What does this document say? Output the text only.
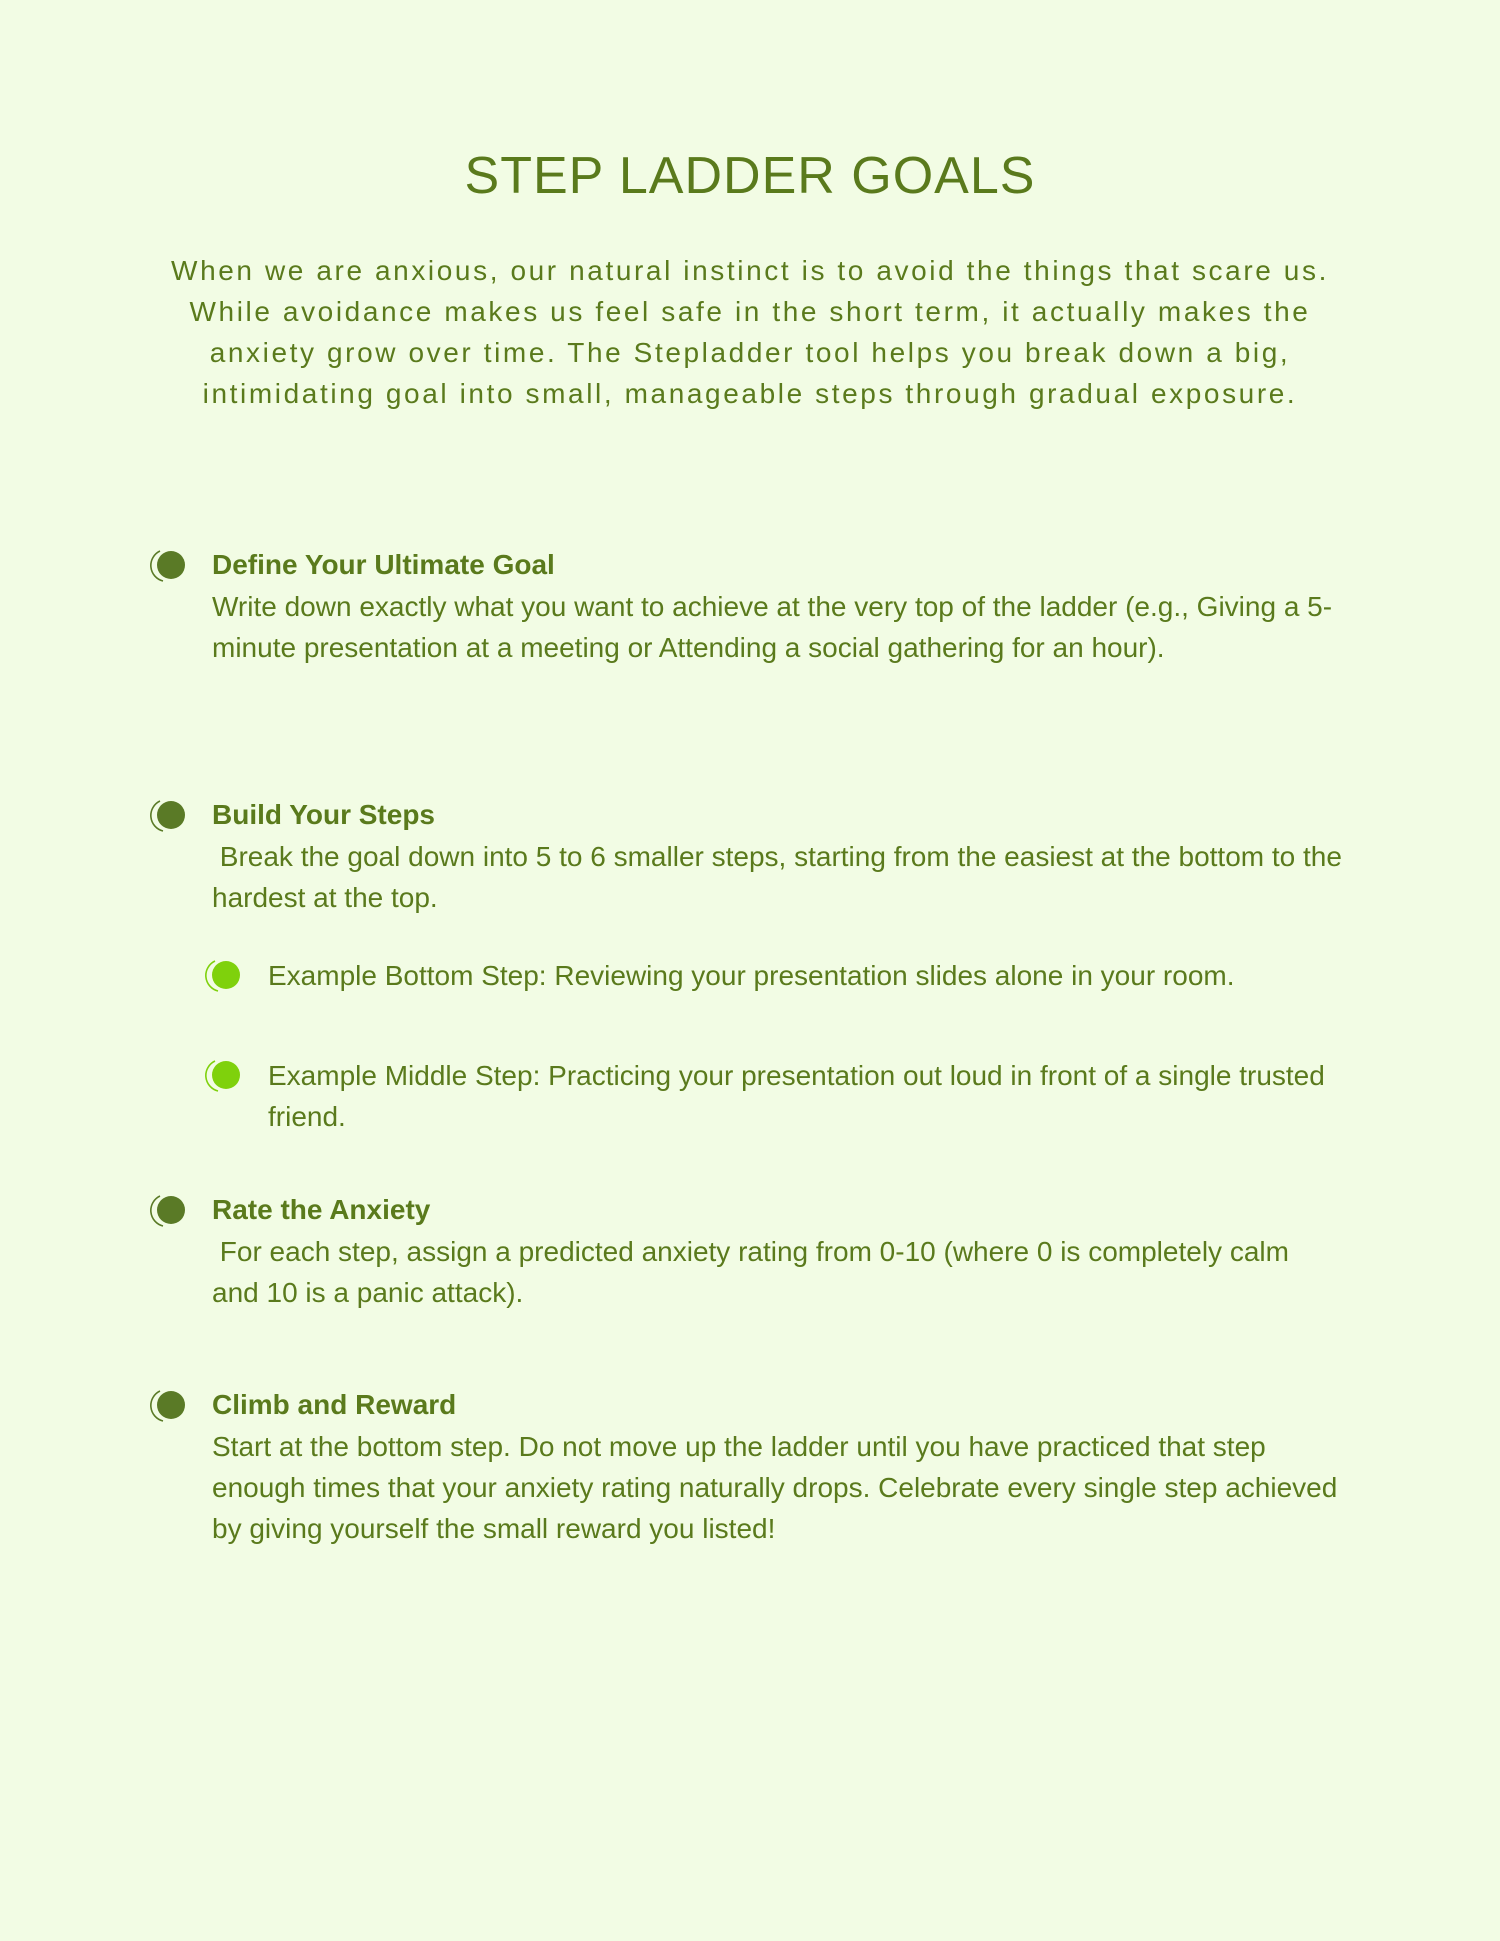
STEP LADDER GOALS

When we are anxious, our natural instinct is to avoid the things that scare us. While avoidance makes us feel safe in the short term, it actually makes the anxiety grow over time. The Stepladder tool helps you break down a big, intimidating goal into small, manageable steps through gradual exposure.

Define Your Ultimate Goal

Write down exactly what you want to achieve at the very top of the ladder (e.g., Giving a 5-minute presentation at a meeting or Attending a social gathering for an hour).

Build Your Steps

Break the goal down into 5 to 6 smaller steps, starting from the easiest at the bottom to the hardest at the top.

Example Bottom Step: Reviewing your presentation slides alone in your room.

Example Middle Step: Practicing your presentation out loud in front of a single trusted friend.

Rate the Anxiety

For each step, assign a predicted anxiety rating from 0-10 (where 0 is completely calm and 10 is a panic attack).

Climb and Reward

Start at the bottom step. Do not move up the ladder until you have practiced that step enough times that your anxiety rating naturally drops. Celebrate every single step achieved by giving yourself the small reward you listed!
